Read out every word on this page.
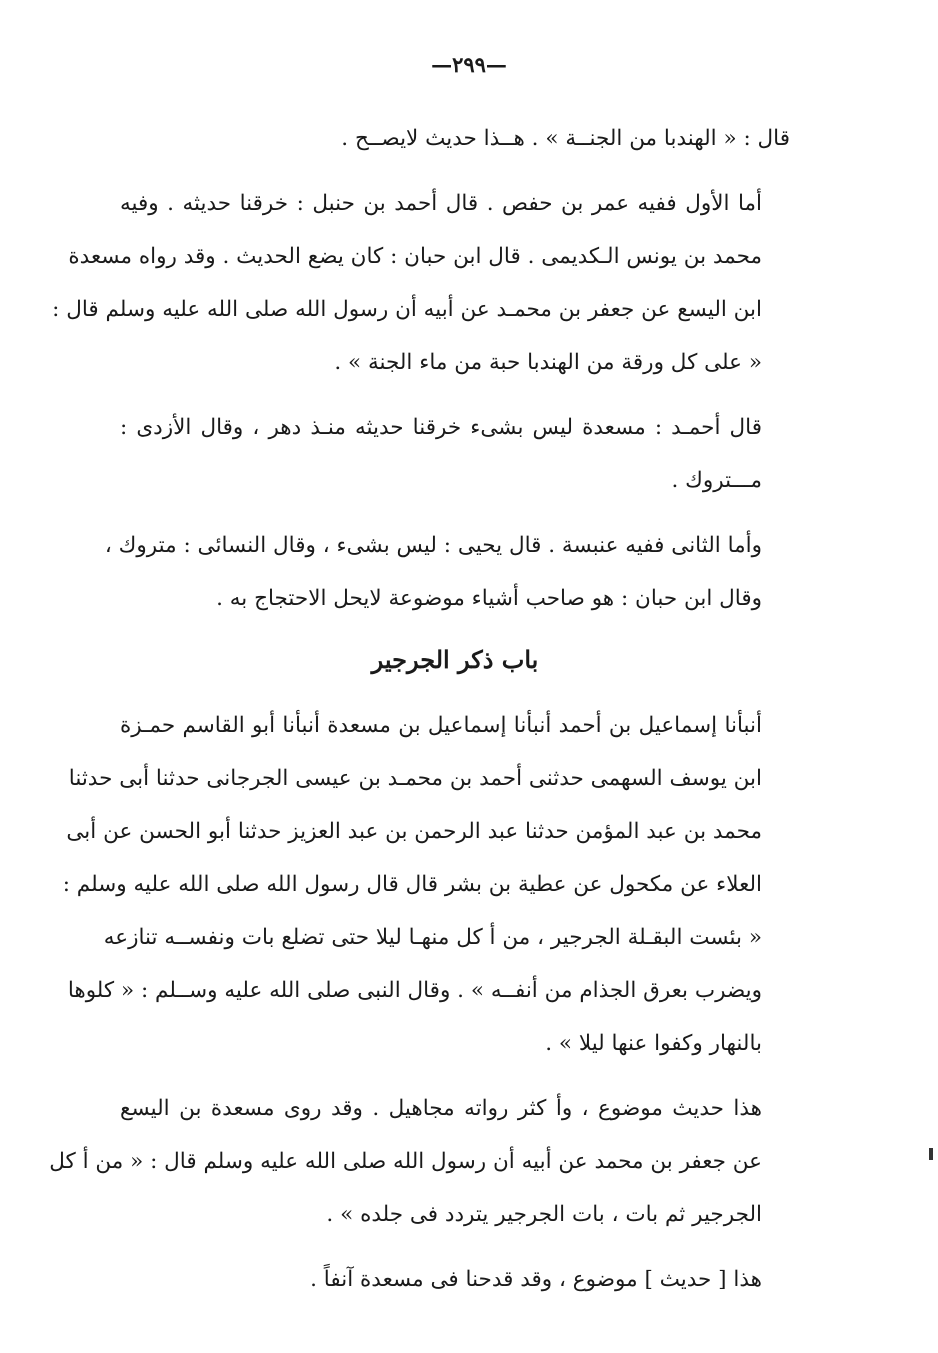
—٢٩٩—
قال : « الهندبا من الجنــة » . هــذا حديث لايصــح .
أما الأول ففيه عمر بن حفص . قال أحمد بن حنبل : خرقنا حديثه . وفيه
محمد بن يونس الـكديمى . قال ابن حبان : كان يضع الحديث . وقد رواه مسعدة
ابن اليسع عن جعفر بن محمـد عن أبيه أن رسول الله صلى الله عليه وسلم قال :
« على كل ورقة من الهندبا حبة من ماء الجنة » .
قال أحمـد : مسعدة ليس بشىء خرقنا حديثه منـذ دهر ، وقال الأزدى :
مـــتروك .
وأما الثانى ففيه عنبسة . قال يحيى : ليس بشىء ، وقال النسائى : متروك ،
وقال ابن حبان : هو صاحب أشياء موضوعة لايحل الاحتجاج به .
باب ذكر الجرجير
أنبأنا إسماعيل بن أحمد أنبأنا إسماعيل بن مسعدة أنبأنا أبو القاسم حمـزة
ابن يوسف السهمى حدثنى أحمد بن محمـد بن عيسى الجرجانى حدثنا أبى حدثنا
محمد بن عبد المؤمن حدثنا عبد الرحمن بن عبد العزيز حدثنا أبو الحسن عن أبى
العلاء عن مكحول عن عطية بن بشر قال قال رسول الله صلى الله عليه وسلم :
« بئست البقـلة الجرجير ، من أ كل منهـا ليلا حتى تضلع بات ونفســه تنازعه
ويضرب بعرق الجذام من أنفــه » . وقال النبى صلى الله عليه وســلم : « كلوها
بالنهار وكفوا عنها ليلا » .
هذا حديث موضوع ، وأ كثر رواته مجاهيل . وقد روى مسعدة بن اليسع
عن جعفر بن محمد عن أبيه أن رسول الله صلى الله عليه وسلم قال : « من أ كل
الجرجير ثم بات ، بات الجرجير يتردد فى جلده » .
هذا [ حديث ] موضوع ، وقد قدحنا فى مسعدة آنفاً .
